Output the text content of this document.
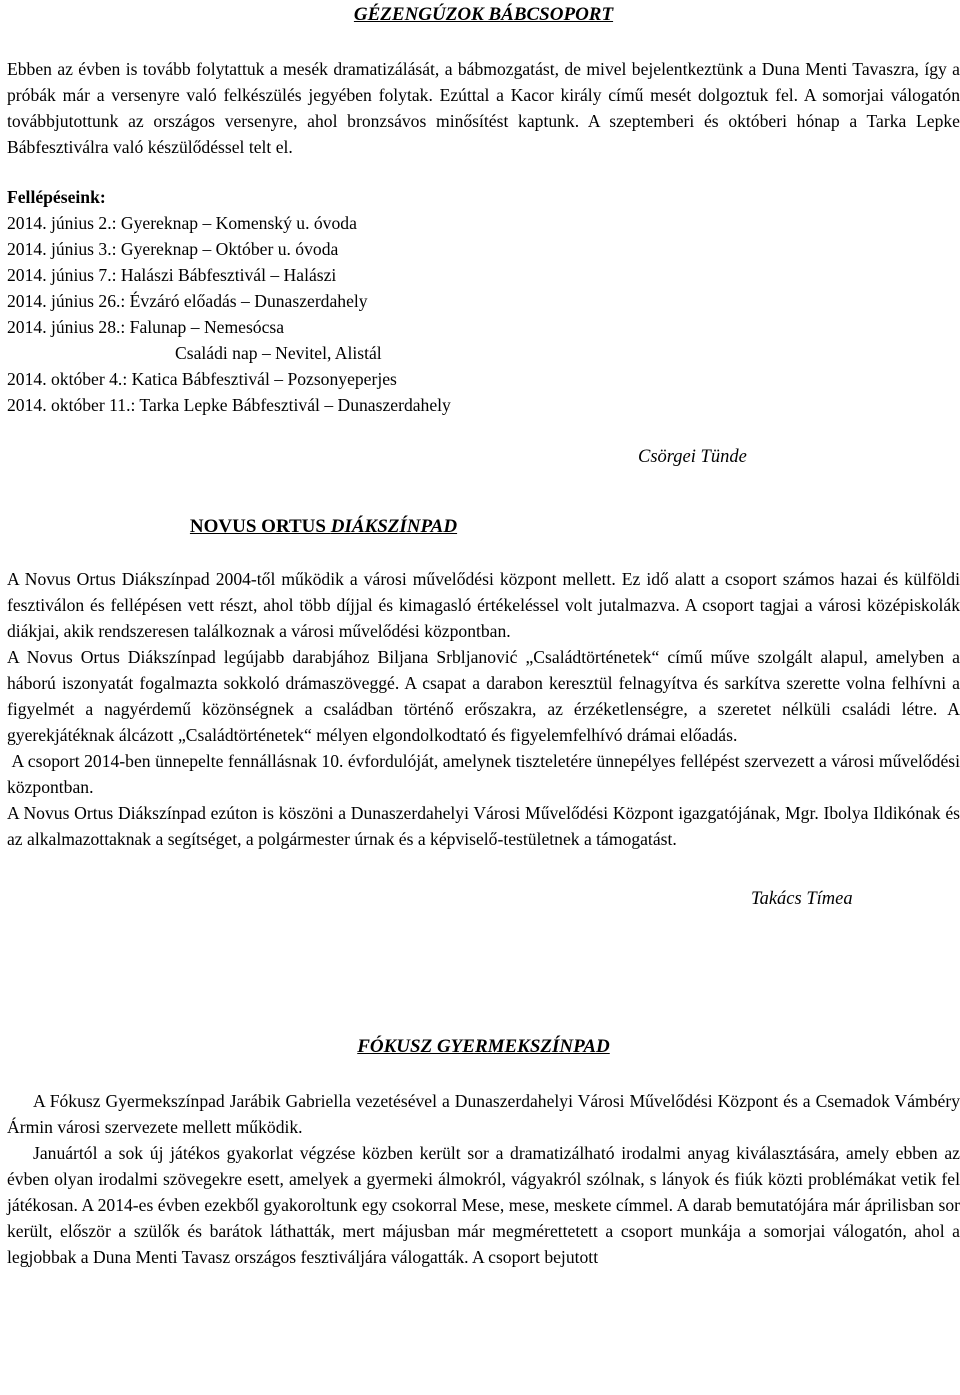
GÉZENGÚZOK BÁBCSOPORT

Ebben az évben is tovább folytattuk a mesék dramatizálását, a bábmozgatást, de mivel bejelentkeztünk a Duna Menti Tavaszra, így a próbák már a versenyre való felkészülés jegyében folytak. Ezúttal a Kacor király című mesét dolgoztuk fel. A somorjai válogatón továbbjutottunk az országos versenyre, ahol bronzsávos minősítést kaptunk. A szeptemberi és októberi hónap a Tarka Lepke Bábfesztiválra való készülődéssel telt el.

Fellépéseink:

2014. június 2.: Gyereknap – Komenský u. óvoda

2014. június 3.: Gyereknap – Október u. óvoda

2014. június 7.: Halászi Bábfesztivál – Halászi

2014. június 26.: Évzáró előadás – Dunaszerdahely

2014. június 28.: Falunap – Nemesócsa

Családi nap – Nevitel, Alistál

2014. október 4.: Katica Bábfesztivál – Pozsonyeperjes

2014. október 11.: Tarka Lepke Bábfesztivál – Dunaszerdahely

Csörgei Tünde

NOVUS ORTUS DIÁKSZÍNPAD

A Novus Ortus Diákszínpad 2004-től működik a városi művelődési központ mellett. Ez idő alatt a csoport számos hazai és külföldi fesztiválon és fellépésen vett részt, ahol több díjjal és kimagasló értékeléssel volt jutalmazva. A csoport tagjai a városi középiskolák diákjai, akik rendszeresen találkoznak a városi művelődési központban.

A Novus Ortus Diákszínpad legújabb darabjához Biljana Srbljanović „Családtörténetek“ című műve szolgált alapul, amelyben a háború iszonyatát fogalmazta sokkoló drámaszöveggé. A csapat a darabon keresztül felnagyítva és sarkítva szerette volna felhívni a figyelmét a nagyérdemű közönségnek a családban történő erőszakra, az érzéketlenségre, a szeretet nélküli családi létre. A gyerekjátéknak álcázott „Családtörténetek“ mélyen elgondolkodtató és figyelemfelhívó drámai előadás.

A csoport 2014-ben ünnepelte fennállásnak 10. évfordulóját, amelynek tiszteletére ünnepélyes fellépést szervezett a városi művelődési központban.

A Novus Ortus Diákszínpad ezúton is köszöni a Dunaszerdahelyi Városi Művelődési Központ igazgatójának, Mgr. Ibolya Ildikónak és az alkalmazottaknak a segítséget, a polgármester úrnak és a képviselő-testületnek a támogatást.

Takács Tímea

FÓKUSZ GYERMEKSZÍNPAD

A Fókusz Gyermekszínpad Jarábik Gabriella vezetésével a Dunaszerdahelyi Városi Művelődési Központ és a Csemadok Vámbéry Ármin városi szervezete mellett működik.

Januártól a sok új játékos gyakorlat végzése közben került sor a dramatizálható irodalmi anyag kiválasztására, amely ebben az évben olyan irodalmi szövegekre esett, amelyek a gyermeki álmokról, vágyakról szólnak, s lányok és fiúk közti problémákat vetik fel játékosan. A 2014-es évben ezekből gyakoroltunk egy csokorral Mese, mese, meskete címmel. A darab bemutatójára már áprilisban sor került, először a szülők és barátok láthatták, mert májusban már megmérettetett a csoport munkája a somorjai válogatón, ahol a legjobbak a Duna Menti Tavasz országos fesztiváljára válogatták. A csoport bejutott
